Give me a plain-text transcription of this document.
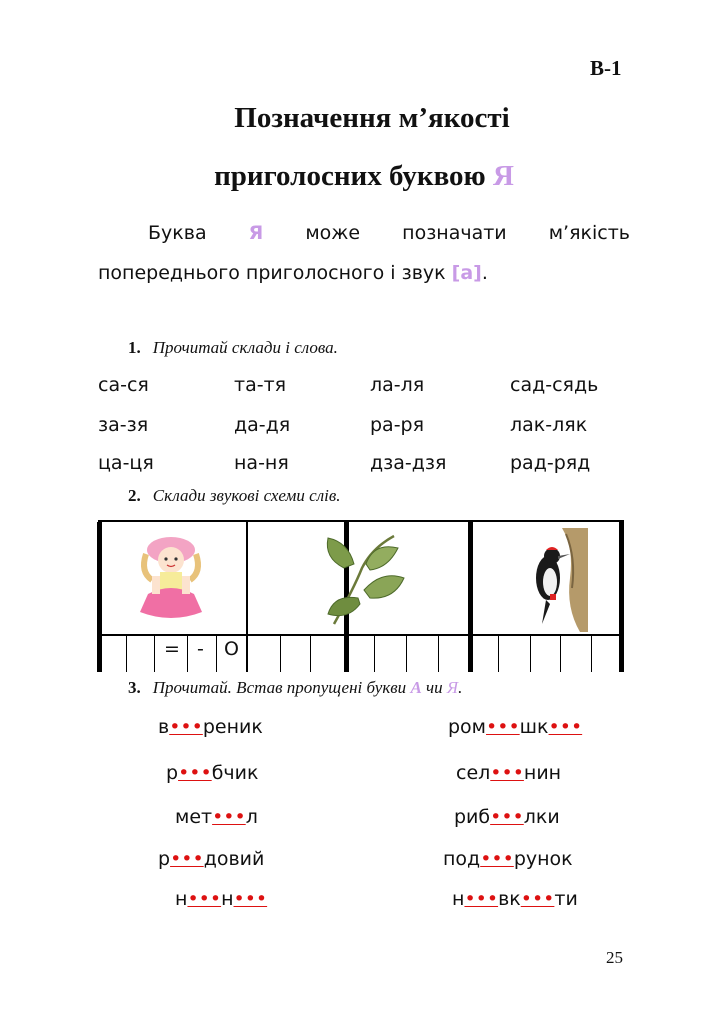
В-1
Позначення м’якості
приголосних буквою Я
Буква Я може позначати м’якість
попереднього приголосного і звук [а].
1. Прочитай склади і слова.
са-ся	та-тя	ла-ля	сад-сядь
за-зя	да-дя	ра-ря	лак-ляк
ца-ця	на-ня	дза-дзя	рад-ряд
2. Склади звукові схеми слів.
= - О
3. Прочитай. Встав пропущені букви А чи Я.
в•••реник
р•••бчик
мет•••л
р•••довий
н•••н•••
ром•••шк•••
сел•••нин
риб•••лки
под•••рунок
н•••вк•••ти
25
